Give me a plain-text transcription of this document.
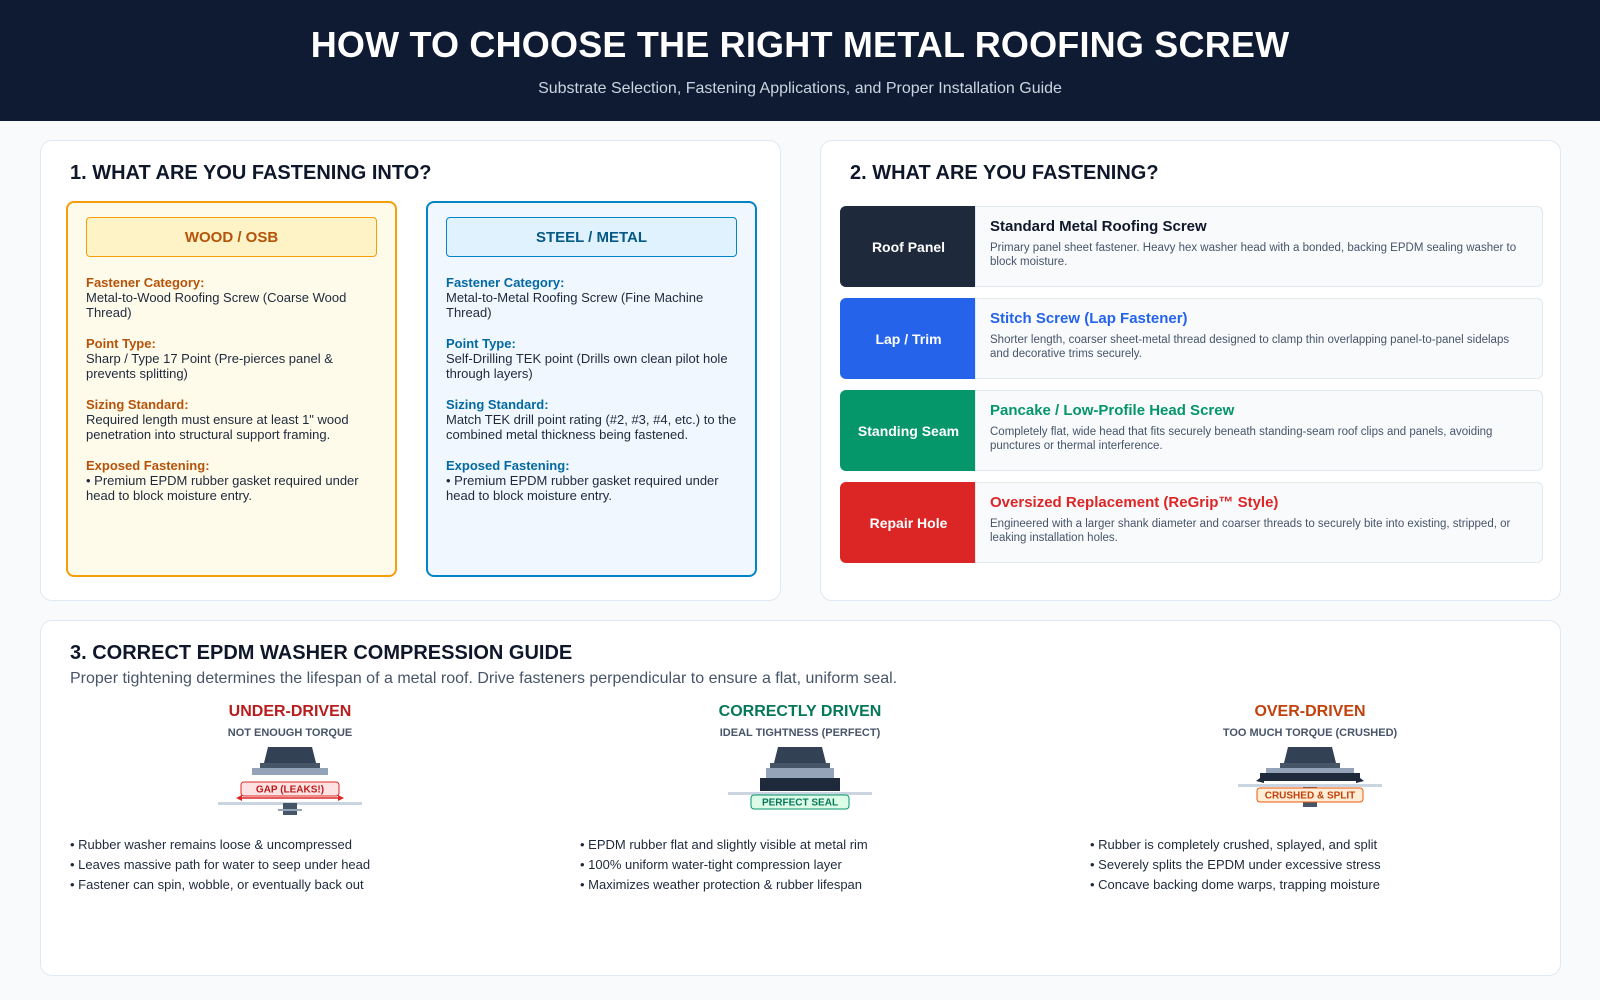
HOW TO CHOOSE THE RIGHT METAL ROOFING SCREW

Substrate Selection, Fastening Applications, and Proper Installation Guide

1. WHAT ARE YOU FASTENING INTO?
WOOD / OSB
Fastener Category:
Metal-to-Wood Roofing Screw (Coarse Wood Thread)
Point Type:
Sharp / Type 17 Point (Pre-pierces panel & prevents splitting)
Sizing Standard:
Required length must ensure at least 1" wood penetration into structural support framing.
Exposed Fastening:
• Premium EPDM rubber gasket required under head to block moisture entry.
STEEL / METAL
Fastener Category:
Metal-to-Metal Roofing Screw (Fine Machine Thread)
Point Type:
Self-Drilling TEK point (Drills own clean pilot hole through layers)
Sizing Standard:
Match TEK drill point rating (#2, #3, #4, etc.) to the combined metal thickness being fastened.
Exposed Fastening:
• Premium EPDM rubber gasket required under head to block moisture entry.
2. WHAT ARE YOU FASTENING?
Roof Panel
Standard Metal Roofing Screw
Primary panel sheet fastener. Heavy hex washer head with a bonded, backing EPDM sealing washer to block moisture.
Lap / Trim
Stitch Screw (Lap Fastener)
Shorter length, coarser sheet-metal thread designed to clamp thin overlapping panel-to-panel sidelaps and decorative trims securely.
Standing Seam
Pancake / Low-Profile Head Screw
Completely flat, wide head that fits securely beneath standing-seam roof clips and panels, avoiding punctures or thermal interference.
Repair Hole
Oversized Replacement (ReGrip™ Style)
Engineered with a larger shank diameter and coarser threads to securely bite into existing, stripped, or leaking installation holes.
3. CORRECT EPDM WASHER COMPRESSION GUIDE
Proper tightening determines the lifespan of a metal roof. Drive fasteners perpendicular to ensure a flat, uniform seal.
UNDER-DRIVEN
NOT ENOUGH TORQUE
GAP (LEAKS!)
• Rubber washer remains loose & uncompressed
• Leaves massive path for water to seep under head
• Fastener can spin, wobble, or eventually back out
CORRECTLY DRIVEN
IDEAL TIGHTNESS (PERFECT)
PERFECT SEAL
• EPDM rubber flat and slightly visible at metal rim
• 100% uniform water-tight compression layer
• Maximizes weather protection & rubber lifespan
OVER-DRIVEN
TOO MUCH TORQUE (CRUSHED)
CRUSHED & SPLIT
• Rubber is completely crushed, splayed, and split
• Severely splits the EPDM under excessive stress
• Concave backing dome warps, trapping moisture
